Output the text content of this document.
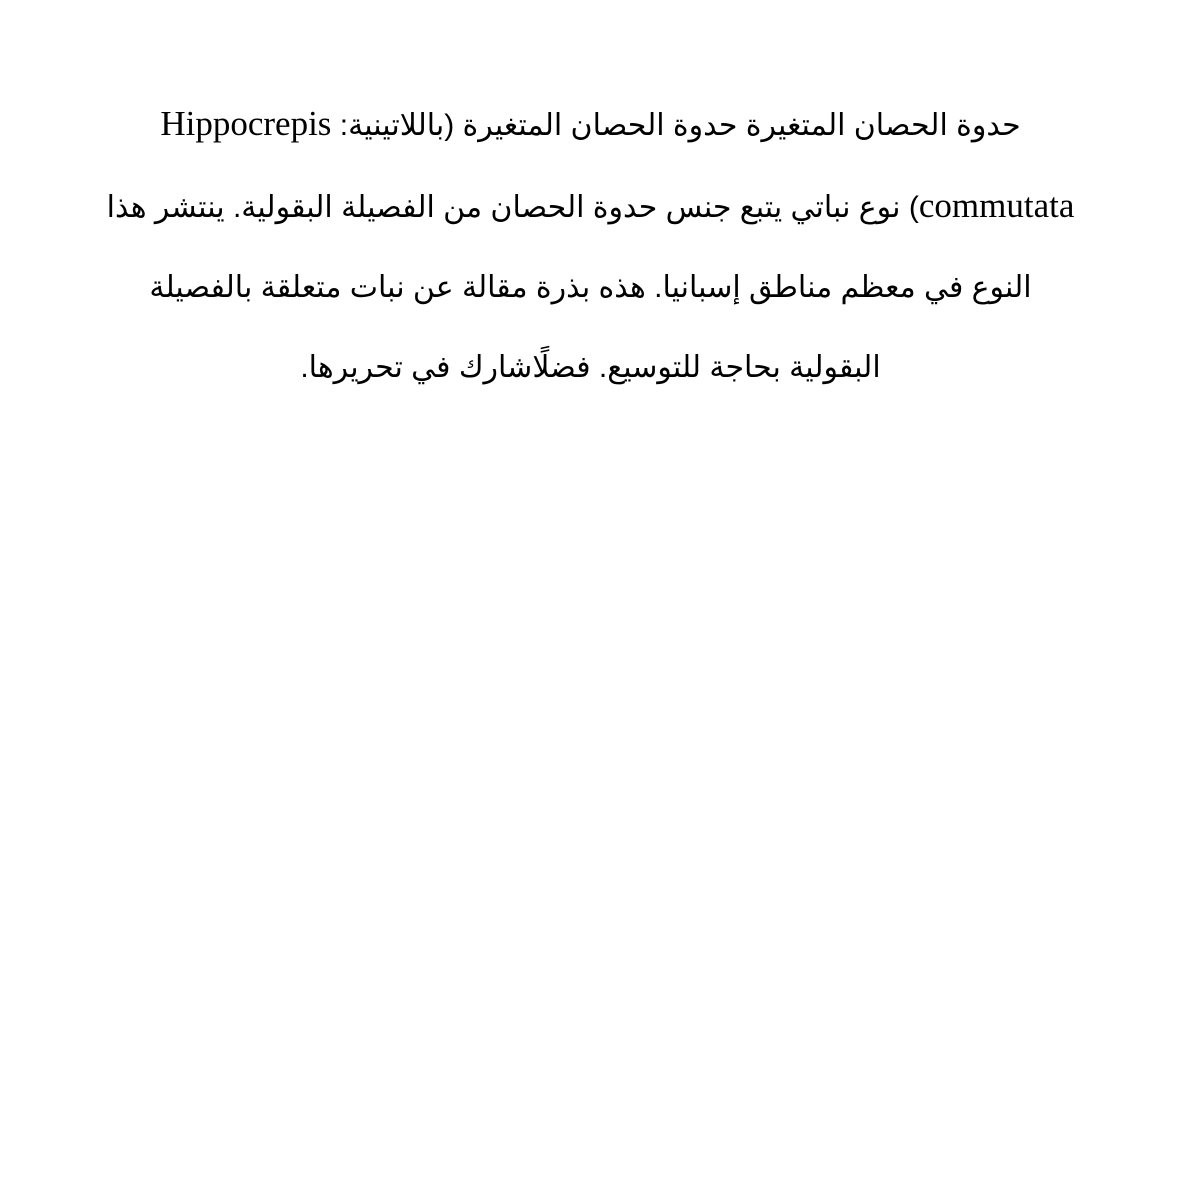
حدوة الحصان المتغيرة حدوة الحصان المتغيرة (باللاتينية: Hippocrepis commutata) نوع نباتي يتبع جنس حدوة الحصان من الفصيلة البقولية. ينتشر هذا النوع في معظم مناطق إسبانيا. هذه بذرة مقالة عن نبات متعلقة بالفصيلة البقولية بحاجة للتوسيع. فضلًاشارك في تحريرها.
